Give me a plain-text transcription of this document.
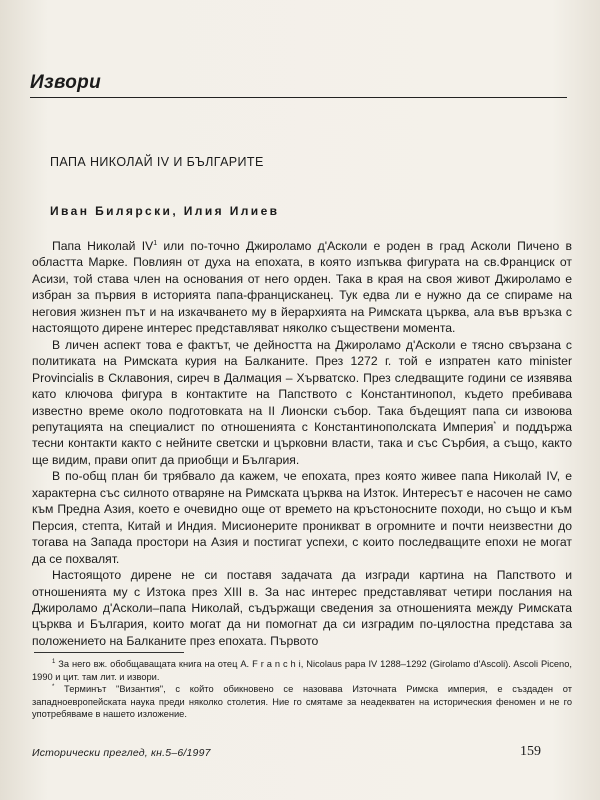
Извори
ПАПА НИКОЛАЙ IV И БЪЛГАРИТЕ
Иван Билярски, Илия Илиев

Папа Николай $IV^1$ или по-точно Джироламо д'Асколи е роден в град Асколи Пичено в областта Марке. Повлиян от духа на епохата, в която изпъква фигурата на св.Франциск от Асизи, той става член на основания от него орден. Така в края на своя живот Джироламо е избран за първия в историята папа-францисканец. Тук едва ли е нужно да се спираме на неговия жизнен път и на изкачването му в йерархията на Римската църква, ала във връзка с настоящото дирене интерес представляват няколко съществени момента.

В личен аспект това е фактът, че дейността на Джироламо д'Асколи е тясно свързана с политиката на Римската курия на Балканите. През 1272 г. той е изпратен като minister Provincialis в Склавония, сиреч в Далмация – Хърватско. През следващите години се изявява като ключова фигура в контактите на Папството с Константинопол, където пребивава известно време около подготовката на II Лионски събор. Така бъдещият папа си извоюва репутацията на специалист по отношенията с Константинополската Империя* и поддържа тесни контакти както с нейните светски и църковни власти, така и със Сърбия, а също, както ще видим, прави опит да приобщи и България.

В по-общ план би трябвало да кажем, че епохата, през която живее папа Николай IV, е характерна със силното отваряне на Римската църква на Изток. Интересът е насочен не само към Предна Азия, което е очевидно още от времето на кръстоносните походи, но също и към Персия, степта, Китай и Индия. Мисионерите проникват в огромните и почти неизвестни до тогава на Запада простори на Азия и постигат успехи, с които последващите епохи не могат да се похвалят.

Настоящото дирене не си поставя задачата да изгради картина на Папството и отношенията му с Изтока през XIII в. За нас интерес представляват четири послания на Джироламо д'Асколи–папа Николай, съдържащи сведения за отношенията между Римската църква и България, които могат да ни помогнат да си изградим по-цялостна представа за положението на Балканите през епохата. Първото

$^1$ За него вж. обобщаващата книга на отец A. F r a n c h i, Nicolaus papa IV 1288–1292 (Girolamo d'Ascoli). Ascoli Piceno, 1990 и цит. там лит. и извори.

* Терминът "Византия", с който обикновено се назовава Източната Римска империя, е създаден от западноевропейската наука преди няколко столетия. Ние го смятаме за неадекватен на историческия феномен и не го употребяваме в нашето изложение.

Исторически преглед, кн.5–6/1997	159
